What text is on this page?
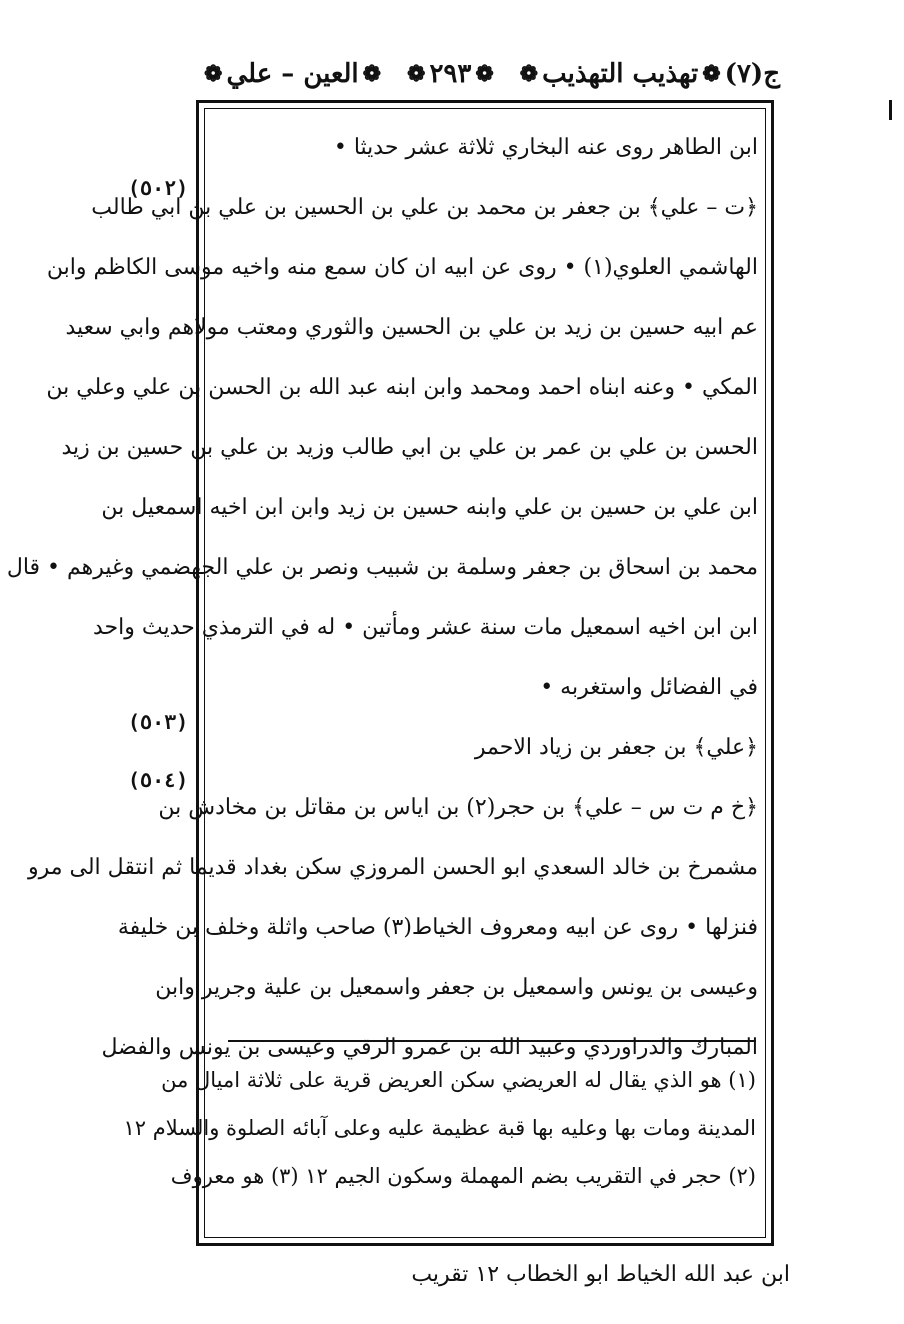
ج(٧)
❁
تهذيب التهذيب
❁
❁
٢٩٣
❁
❁
العين – علي
❁
ابن الطاهر روى عنه البخاري ثلاثة عشر حديثا •
﴿ت – علي﴾ بن جعفر بن محمد بن علي بن الحسين بن علي بن ابي طالب
الهاشمي العلوي(١) • روى عن ابيه ان كان سمع منه واخيه موسى الكاظم وابن
عم ابيه حسين بن زيد بن علي بن الحسين والثوري ومعتب مولاهم وابي سعيد
المكي • وعنه ابناه احمد ومحمد وابن ابنه عبد الله بن الحسن بن علي وعلي بن
الحسن بن علي بن عمر بن علي بن ابي طالب وزيد بن علي بن حسين بن زيد
ابن علي بن حسين بن علي وابنه حسين بن زيد وابن ابن اخيه اسمعيل بن
محمد بن اسحاق بن جعفر وسلمة بن شبيب ونصر بن علي الجهضمي وغيرهم • قال
ابن ابن اخيه اسمعيل مات سنة عشر ومأتين • له في الترمذي حديث واحد
في الفضائل واستغربه •
﴿علي﴾ بن جعفر بن زياد الاحمر
﴿خ م ت س – علي﴾ بن حجر(٢) بن اياس بن مقاتل بن مخادش بن
مشمرخ بن خالد السعدي ابو الحسن المروزي سكن بغداد قديما ثم انتقل الى مرو
فنزلها • روى عن ابيه ومعروف الخياط(٣) صاحب واثلة وخلف بن خليفة
وعيسى بن يونس واسمعيل بن جعفر واسمعيل بن علية وجرير وابن
المبارك والدراوردي وعبيد الله بن عمرو الرقي وعيسى بن يونس والفضل
(٥٠٢)
(٥٠٣)
(٥٠٤)
(١) هو الذي يقال له العريضي سكن العريض قرية على ثلاثة اميال من
المدينة ومات بها وعليه بها قبة عظيمة عليه وعلى آبائه الصلوة والسلام ١٢
(٢) حجر في التقريب بضم المهملة وسكون الجيم ١٢ (٣) هو معروف
ابن عبد الله الخياط ابو الخطاب ١٢ تقريب
